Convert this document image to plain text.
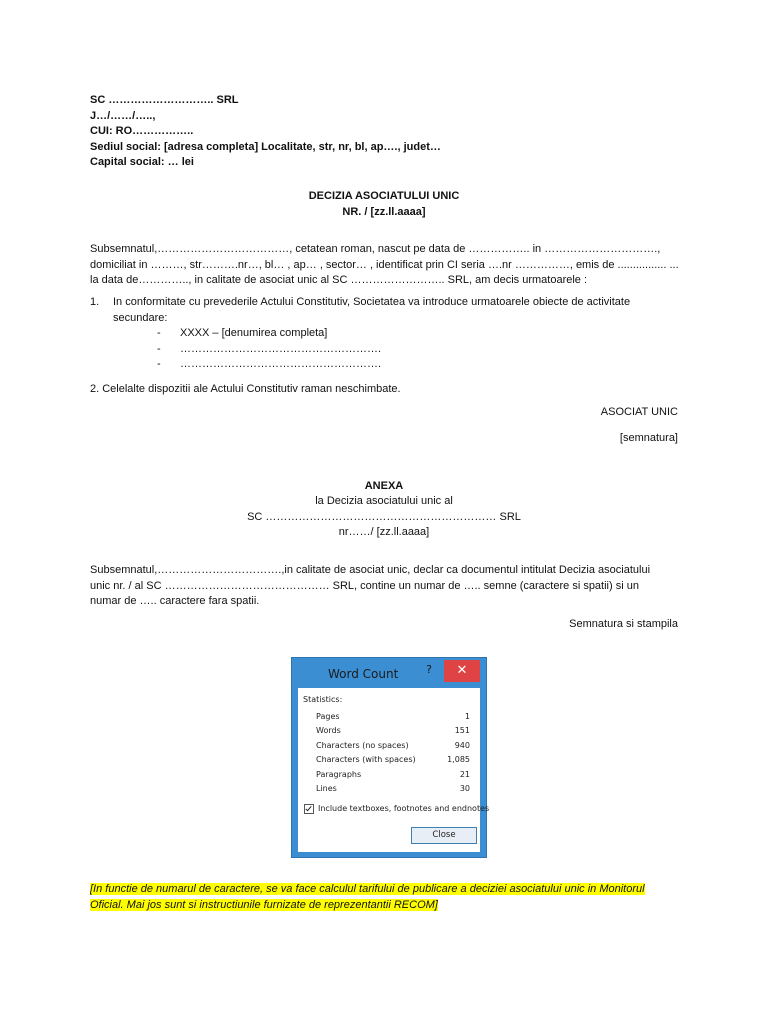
SC ……………………….. SRL
J…/……/…..,
CUI: RO……………..
Sediul social: [adresa completa] Localitate, str, nr, bl, ap…., judet…
Capital social: … lei
DECIZIA ASOCIATULUI UNIC
NR. / [zz.ll.aaaa]
Subsemnatul,………………………………, cetatean roman, nascut pe data de …………….. in ………………………….,
domiciliat in ………, str……….nr…, bl… , ap… , sector… , identificat prin CI seria ….nr ……………, emis de ................ ...
la data de………….., in calitate de asociat unic al SC …………………….. SRL, am decis urmatoarele :
1. In conformitate cu prevederile Actului Constitutiv, Societatea va introduce urmatoarele obiecte de activitate
secundare:
- XXXX – [denumirea completa]
- ……………………………………………….
- ……………………………………………….
2. Celelalte dispozitii ale Actului Constitutiv raman neschimbate.
ASOCIAT UNIC
[semnatura]
ANEXA
la Decizia asociatului unic al
SC ……………………………………………………… SRL
nr……/ [zz.ll.aaaa]
Subsemnatul,…………………………….,in calitate de asociat unic, declar ca documentul intitulat Decizia asociatului
unic nr. / al SC ……………………………………… SRL, contine un numar de ….. semne (caractere si spatii) si un
numar de ….. caractere fara spatii.
Semnatura si stampila
Word Count	?	✕
Statistics:
Pages	1
Words	151
Characters (no spaces)	940
Characters (with spaces)	1,085
Paragraphs	21
Lines	30
Include textboxes, footnotes and endnotes
Close
[In functie de numarul de caractere, se va face calculul tarifului de publicare a deciziei asociatului unic in Monitorul
Oficial. Mai jos sunt si instructiunile furnizate de reprezentantii RECOM]
